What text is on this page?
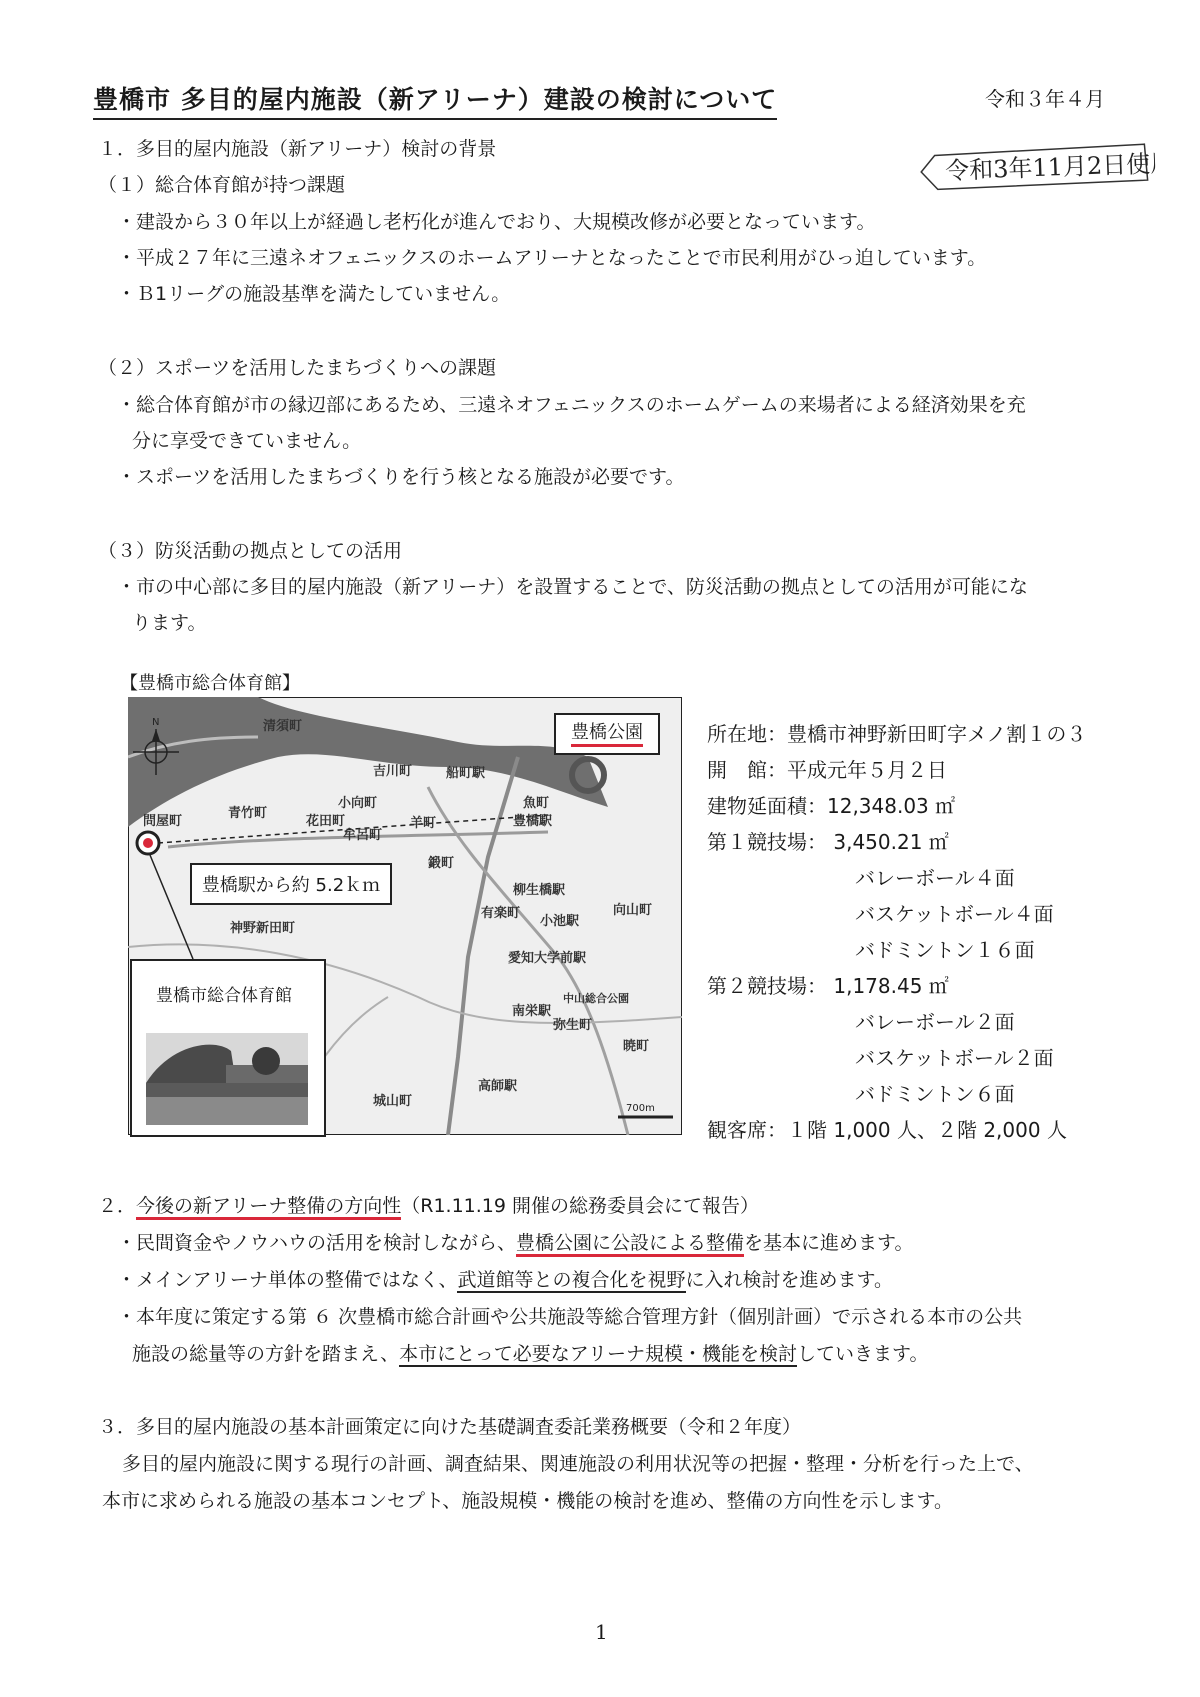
豊橋市 多目的屋内施設（新アリーナ）建設の検討について	令和３年４月
令和3年11月2日使用
１．多目的屋内施設（新アリーナ）検討の背景
（１）総合体育館が持つ課題
・建設から３０年以上が経過し老朽化が進んでおり、大規模改修が必要となっています。
・平成２７年に三遠ネオフェニックスのホームアリーナとなったことで市民利用がひっ迫しています。
・Ｂ1リーグの施設基準を満たしていません。
（２）スポーツを活用したまちづくりへの課題
・総合体育館が市の縁辺部にあるため、三遠ネオフェニックスのホームゲームの来場者による経済効果を充
分に享受できていません。
・スポーツを活用したまちづくりを行う核となる施設が必要です。
（３）防災活動の拠点としての活用
・市の中心部に多目的屋内施設（新アリーナ）を設置することで、防災活動の拠点としての活用が可能にな
ります。
【豊橋市総合体育館】
N	清須町
船町駅
吉川町
小向町	魚町
問屋町
青竹町
花田町	羊町
牟呂町
豊橋駅
鍛町
柳生橋駅
向山町
有楽町
小池駅
神野新田町
愛知大学前駅
南栄駅
弥生町
中山総合公園
暁町
高師駅
城山町
700m
豊橋公園
豊橋駅から約 5.2ｋｍ
豊橋市総合体育館
所在地：豊橋市神野新田町字メノ割１の３
開　館：平成元年５月２日
建物延面積：12,348.03 ㎡
第１競技場： 3,450.21 ㎡
バレーボール４面
バスケットボール４面
バドミントン１６面
第２競技場： 1,178.45 ㎡
バレーボール２面
バスケットボール２面
バドミントン６面
観客席：１階 1,000 人、２階 2,000 人
２．今後の新アリーナ整備の方向性（R1.11.19 開催の総務委員会にて報告）
・民間資金やノウハウの活用を検討しながら、豊橋公園に公設による整備を基本に進めます。
・メインアリーナ単体の整備ではなく、武道館等との複合化を視野に入れ検討を進めます。
・本年度に策定する第 ６ 次豊橋市総合計画や公共施設等総合管理方針（個別計画）で示される本市の公共
施設の総量等の方針を踏まえ、本市にとって必要なアリーナ規模・機能を検討していきます。
３．多目的屋内施設の基本計画策定に向けた基礎調査委託業務概要（令和２年度）
多目的屋内施設に関する現行の計画、調査結果、関連施設の利用状況等の把握・整理・分析を行った上で、
本市に求められる施設の基本コンセプト、施設規模・機能の検討を進め、整備の方向性を示します。
1
